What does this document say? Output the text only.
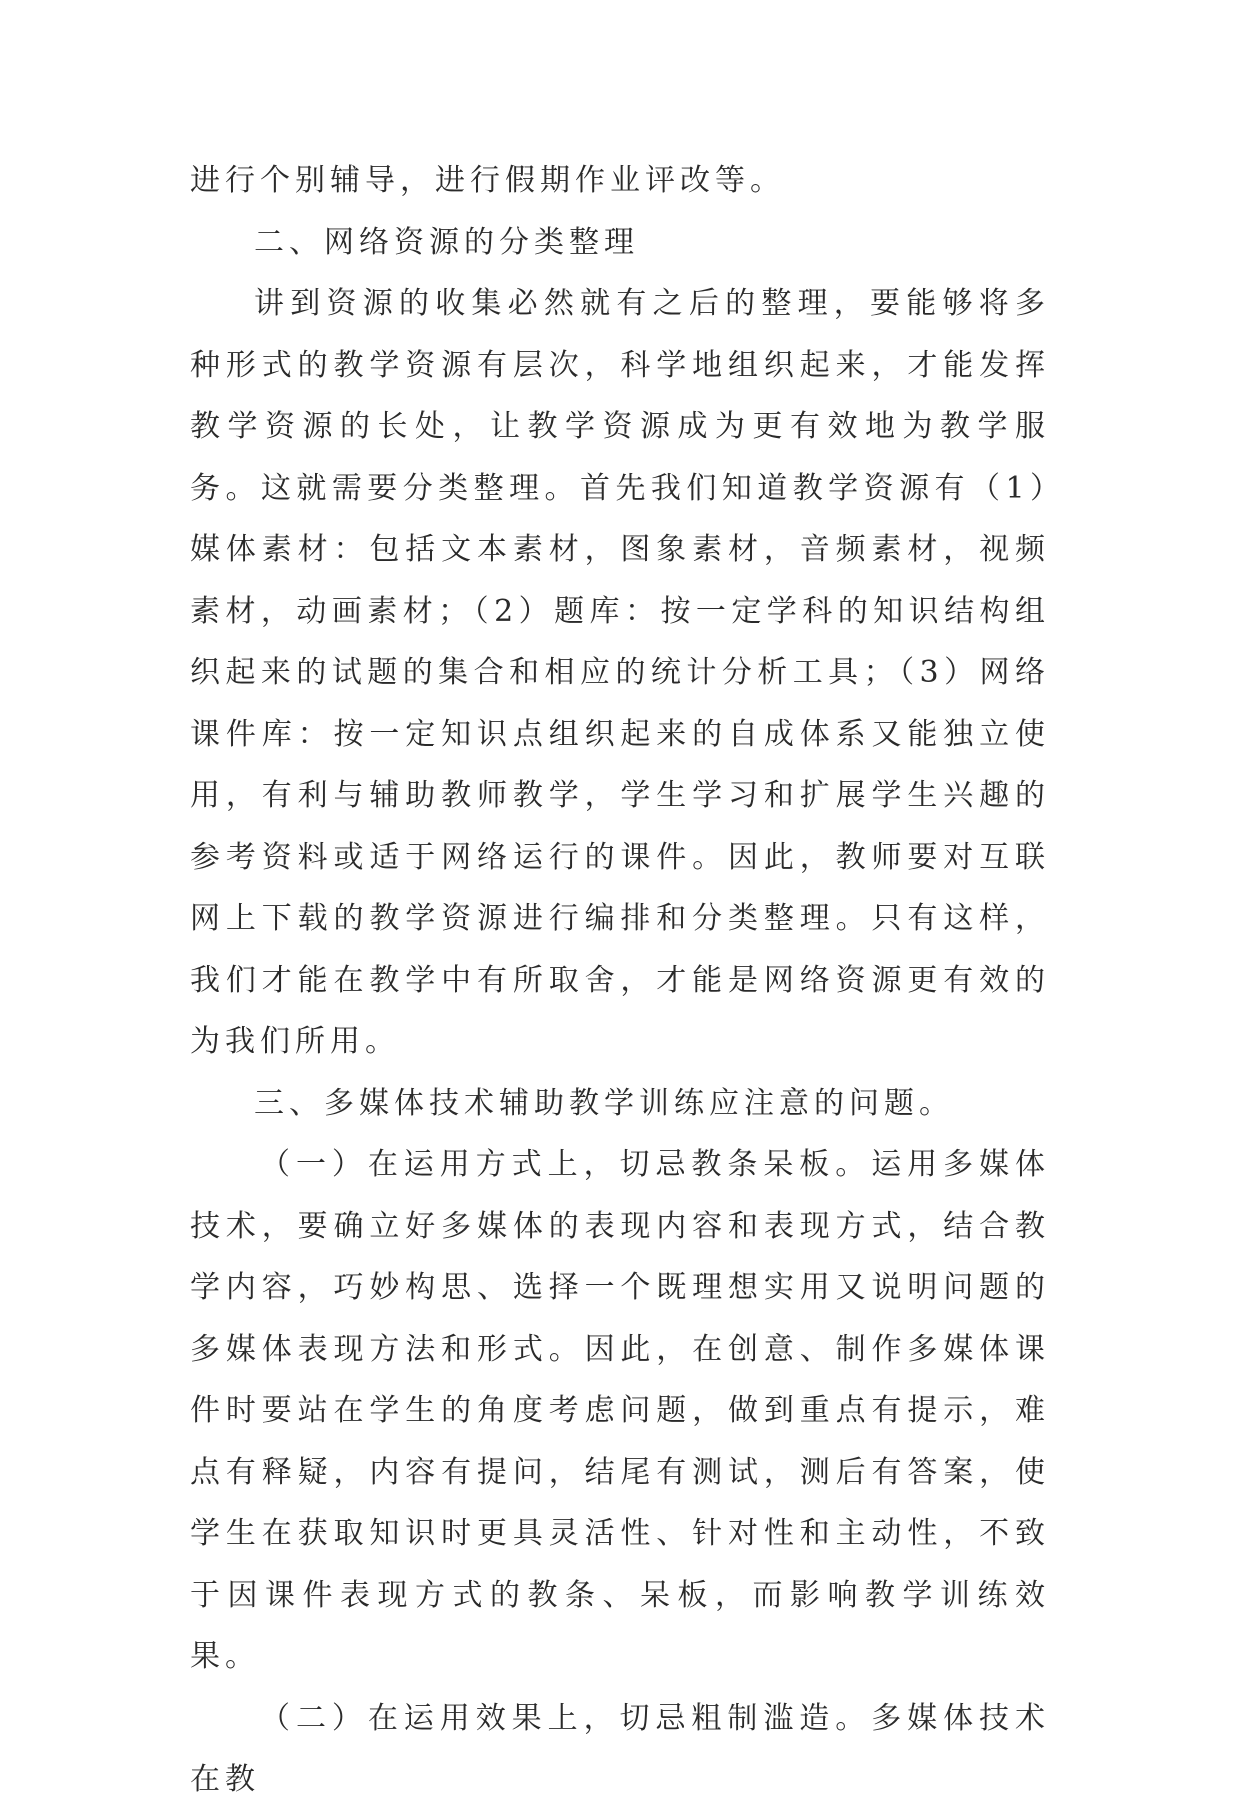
进行个别辅导，进行假期作业评改等。

二、网络资源的分类整理

讲到资源的收集必然就有之后的整理，要能够将多种形式的教学资源有层次，科学地组织起来，才能发挥教学资源的长处，让教学资源成为更有效地为教学服务。这就需要分类整理。首先我们知道教学资源有（1）媒体素材：包括文本素材，图象素材，音频素材，视频素材，动画素材；（2）题库：按一定学科的知识结构组织起来的试题的集合和相应的统计分析工具；（3）网络课件库：按一定知识点组织起来的自成体系又能独立使用，有利与辅助教师教学，学生学习和扩展学生兴趣的参考资料或适于网络运行的课件。因此，教师要对互联网上下载的教学资源进行编排和分类整理。只有这样，我们才能在教学中有所取舍，才能是网络资源更有效的为我们所用。

三、多媒体技术辅助教学训练应注意的问题。

（一）在运用方式上，切忌教条呆板。运用多媒体技术，要确立好多媒体的表现内容和表现方式，结合教学内容，巧妙构思、选择一个既理想实用又说明问题的多媒体表现方法和形式。因此，在创意、制作多媒体课件时要站在学生的角度考虑问题，做到重点有提示，难点有释疑，内容有提问，结尾有测试，测后有答案，使学生在获取知识时更具灵活性、针对性和主动性，不致于因课件表现方式的教条、呆板，而影响教学训练效果。

（二）在运用效果上，切忌粗制滥造。多媒体技术在教
